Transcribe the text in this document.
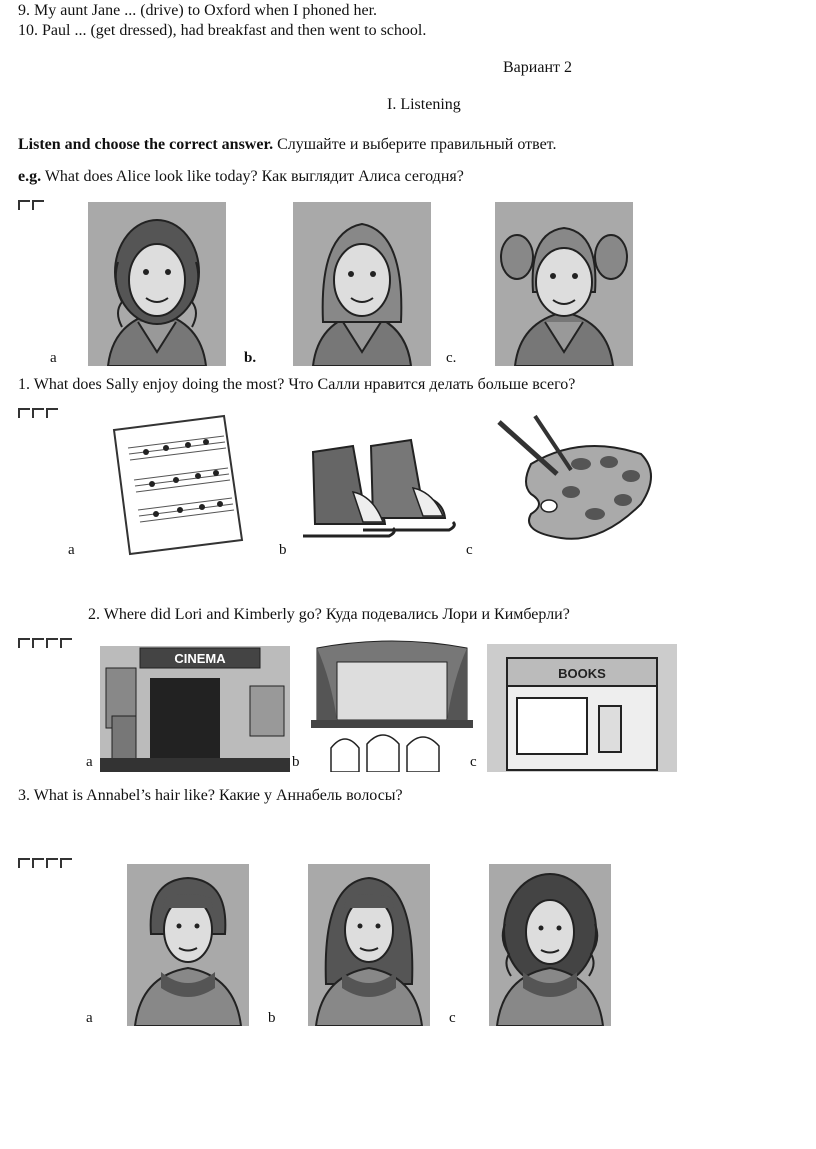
9. My aunt Jane ... (drive) to Oxford when I phoned her.
10. Paul ... (get dressed), had breakfast and then went to school.
Вариант 2
I. Listening
Listen and choose the correct answer. Слушайте и выберите правильный ответ.
e.g. What does Alice look like today? Как выглядит Алиса сегодня?
a	b.	c.
1. What does Sally enjoy doing the most? Что Салли нравится делать больше всего?
a	b	c
2. Where did Lori and Kimberly go? Куда подевались Лори и Кимберли?
CINEMA
BOOKS
a	b	c
3. What is Annabel’s hair like? Какие у Аннабель волосы?
a	b	c
